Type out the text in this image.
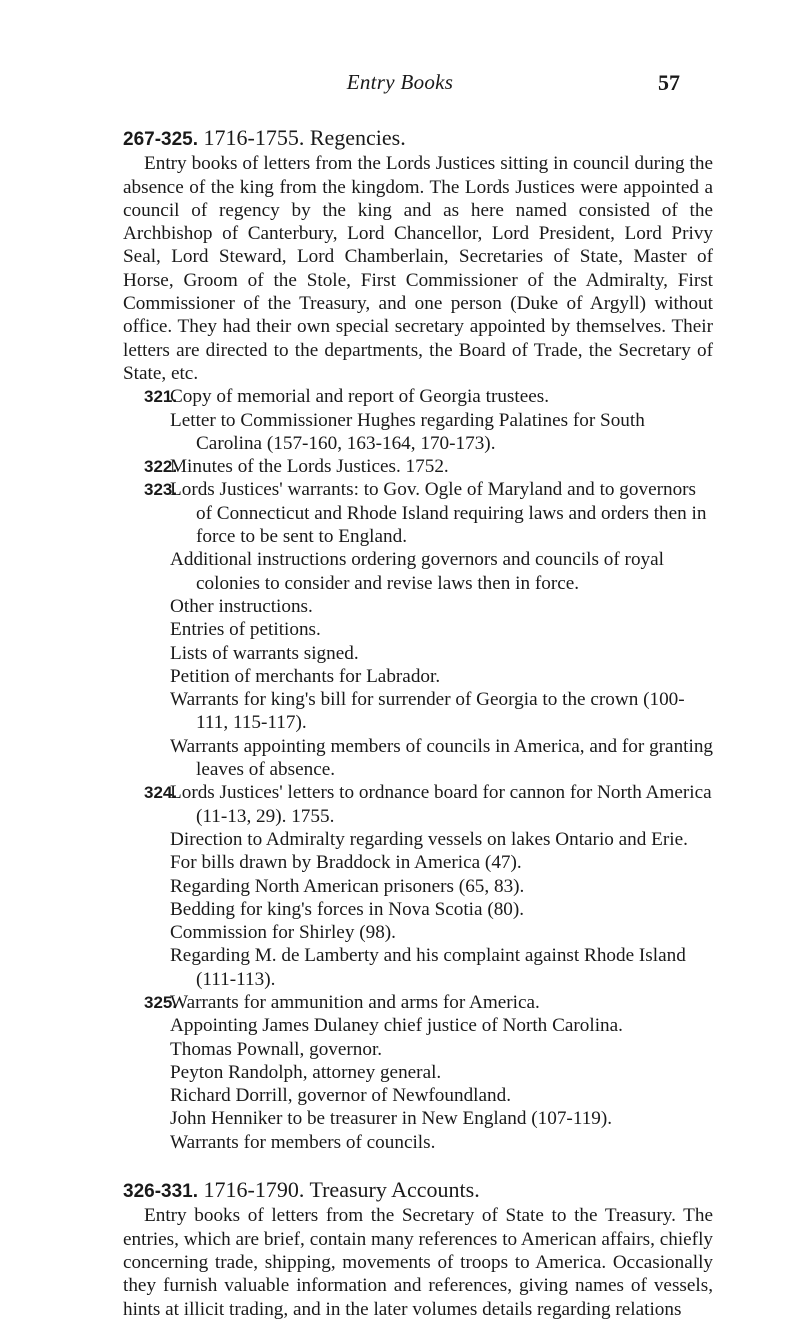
Entry Books	57
267-325. 1716-1755. Regencies.

Entry books of letters from the Lords Justices sitting in council during the absence of the king from the kingdom. The Lords Justices were appointed a council of regency by the king and as here named consisted of the Archbishop of Canterbury, Lord Chancellor, Lord President, Lord Privy Seal, Lord Steward, Lord Chamberlain, Secretaries of State, Master of Horse, Groom of the Stole, First Commissioner of the Admiralty, First Commissioner of the Treasury, and one person (Duke of Argyll) without office. They had their own special secretary appointed by themselves. Their letters are directed to the departments, the Board of Trade, the Secretary of State, etc.

321.
Copy of memorial and report of Georgia trustees.

Letter to Commissioner Hughes regarding Palatines for South Carolina (157-160, 163-164, 170-173).

322.
Minutes of the Lords Justices. 1752.

323.
Lords Justices' warrants: to Gov. Ogle of Maryland and to governors of Connecticut and Rhode Island requiring laws and orders then in force to be sent to England.

Additional instructions ordering governors and councils of royal colonies to consider and revise laws then in force.

Other instructions.

Entries of petitions.

Lists of warrants signed.

Petition of merchants for Labrador.

Warrants for king's bill for surrender of Georgia to the crown (100-111, 115-117).

Warrants appointing members of councils in America, and for granting leaves of absence.

324.
Lords Justices' letters to ordnance board for cannon for North America (11-13, 29). 1755.

Direction to Admiralty regarding vessels on lakes Ontario and Erie.

For bills drawn by Braddock in America (47).

Regarding North American prisoners (65, 83).

Bedding for king's forces in Nova Scotia (80).

Commission for Shirley (98).

Regarding M. de Lamberty and his complaint against Rhode Island (111-113).

325.
Warrants for ammunition and arms for America.

Appointing James Dulaney chief justice of North Carolina.

Thomas Pownall, governor.

Peyton Randolph, attorney general.

Richard Dorrill, governor of Newfoundland.

John Henniker to be treasurer in New England (107-119).

Warrants for members of councils.

326-331. 1716-1790. Treasury Accounts.

Entry books of letters from the Secretary of State to the Treasury. The entries, which are brief, contain many references to American affairs, chiefly concerning trade, shipping, movements of troops to America. Occasionally they furnish valuable information and references, giving names of vessels, hints at illicit trading, and in the later volumes details regarding relations
